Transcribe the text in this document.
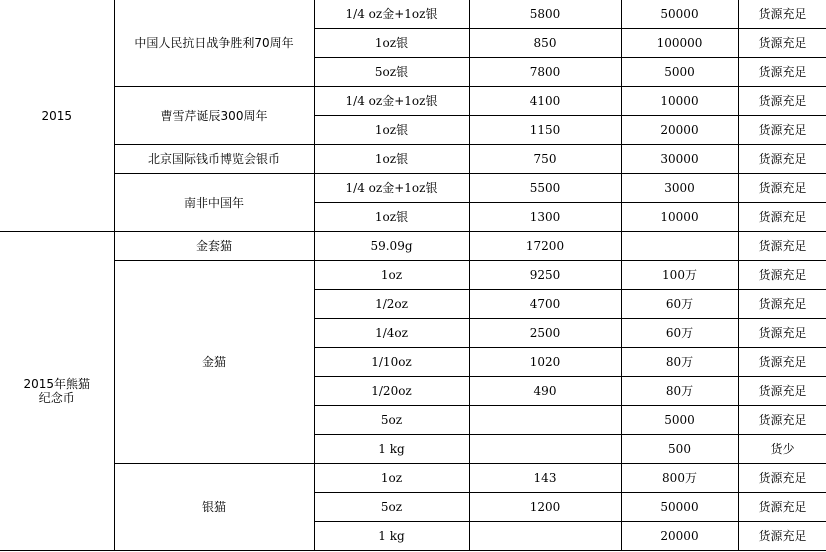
2015	中国人民抗日战争胜利70周年	1/4 oz金+1oz银	5800	50000	货源充足
		1oz银	850	100000	货源充足
		5oz银	7800	5000	货源充足
	曹雪芹诞辰300周年	1/4 oz金+1oz银	4100	10000	货源充足
		1oz银	1150	20000	货源充足
	北京国际钱币博览会银币	1oz银	750	30000	货源充足
	南非中国年	1/4 oz金+1oz银	5500	3000	货源充足
		1oz银	1300	10000	货源充足

2015年熊猫
纪念币	金套猫	59.09g	17200		货源充足
	金猫	1oz	9250	100万	货源充足
		1/2oz	4700	60万	货源充足
		1/4oz	2500	60万	货源充足
		1/10oz	1020	80万	货源充足
		1/20oz	490	80万	货源充足
		5oz		5000	货源充足
		1 kg		500	货少
	银猫	1oz	143	800万	货源充足
		5oz	1200	50000	货源充足
		1 kg		20000	货源充足
